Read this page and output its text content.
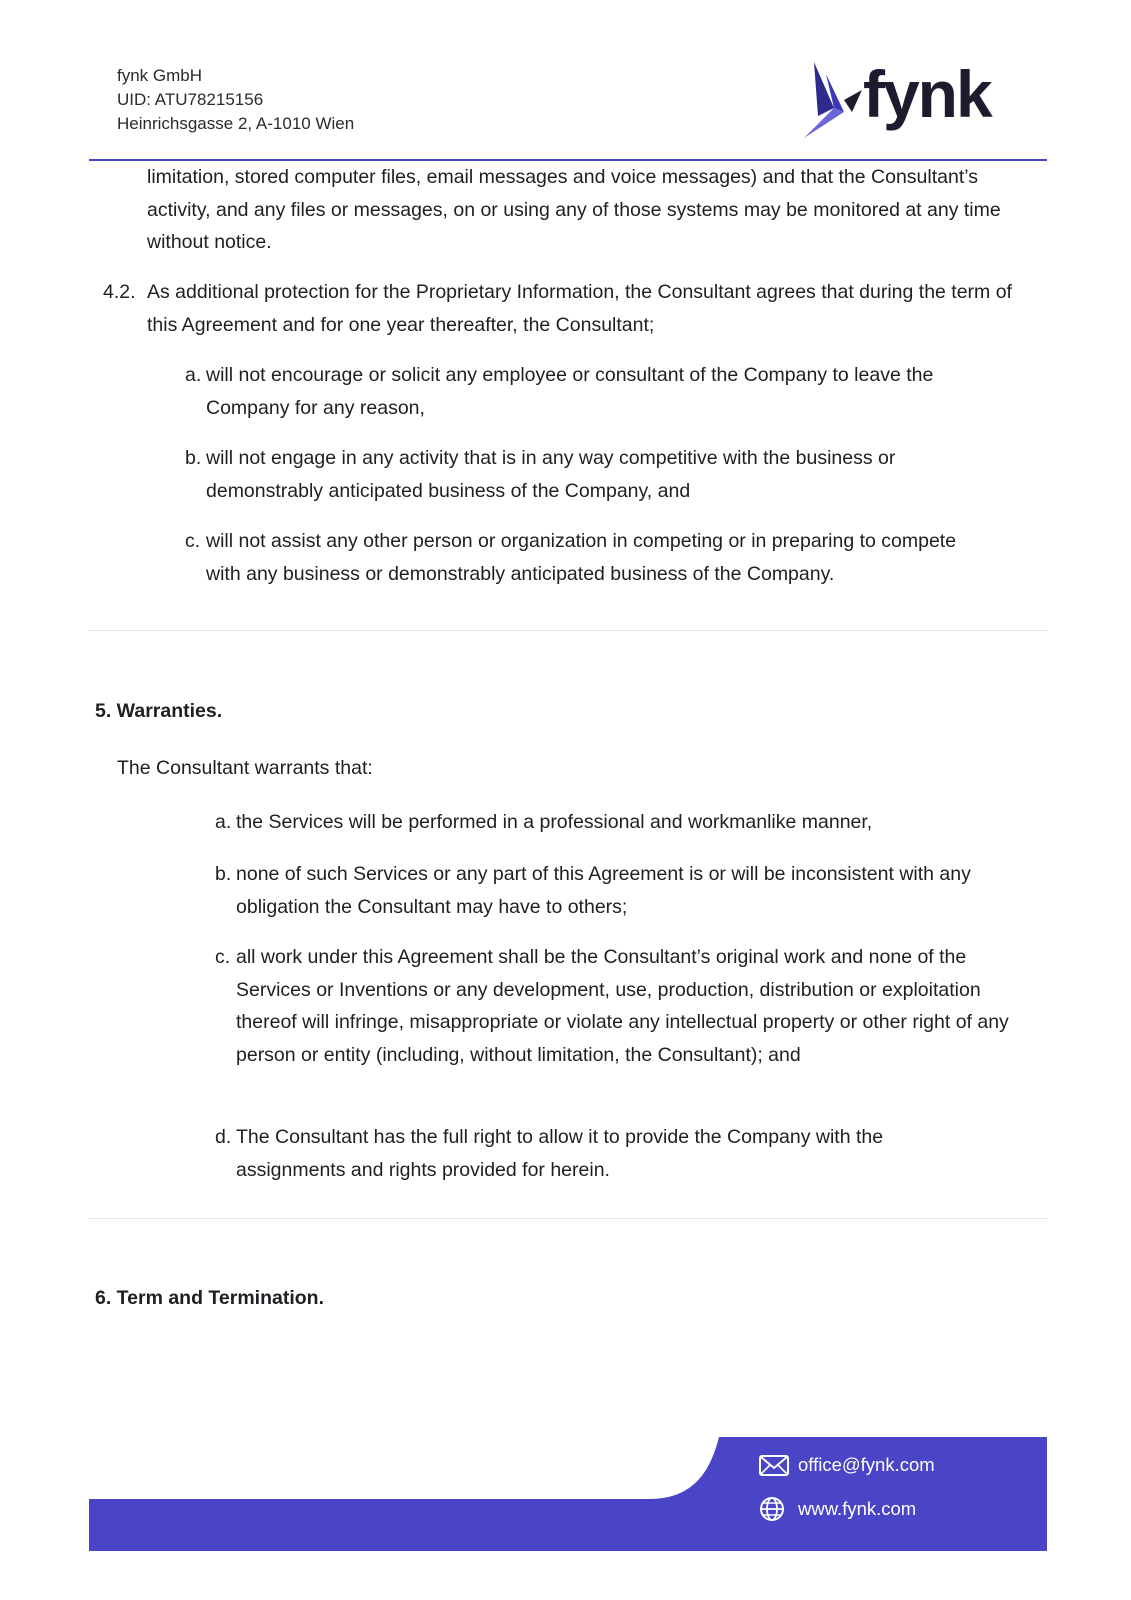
fynk GmbH
UID: ATU78215156
Heinrichsgasse 2, A-1010 Wien	fynk
limitation, stored computer files, email messages and voice messages) and that the Consultant’s activity, and any files or messages, on or using any of those systems may be monitored at any time without notice.
4.2. As additional protection for the Proprietary Information, the Consultant agrees that during the term of this Agreement and for one year thereafter, the Consultant;
a. will not encourage or solicit any employee or consultant of the Company to leave the Company for any reason,
b. will not engage in any activity that is in any way competitive with the business or demonstrably anticipated business of the Company, and
c. will not assist any other person or organization in competing or in preparing to compete with any business or demonstrably anticipated business of the Company.
5. Warranties.
The Consultant warrants that:
a. the Services will be performed in a professional and workmanlike manner,
b. none of such Services or any part of this Agreement is or will be inconsistent with any obligation the Consultant may have to others;
c. all work under this Agreement shall be the Consultant’s original work and none of the Services or Inventions or any development, use, production, distribution or exploitation thereof will infringe, misappropriate or violate any intellectual property or other right of any person or entity (including, without limitation, the Consultant); and
d. The Consultant has the full right to allow it to provide the Company with the assignments and rights provided for herein.
6. Term and Termination.
office@fynk.com
www.fynk.com
